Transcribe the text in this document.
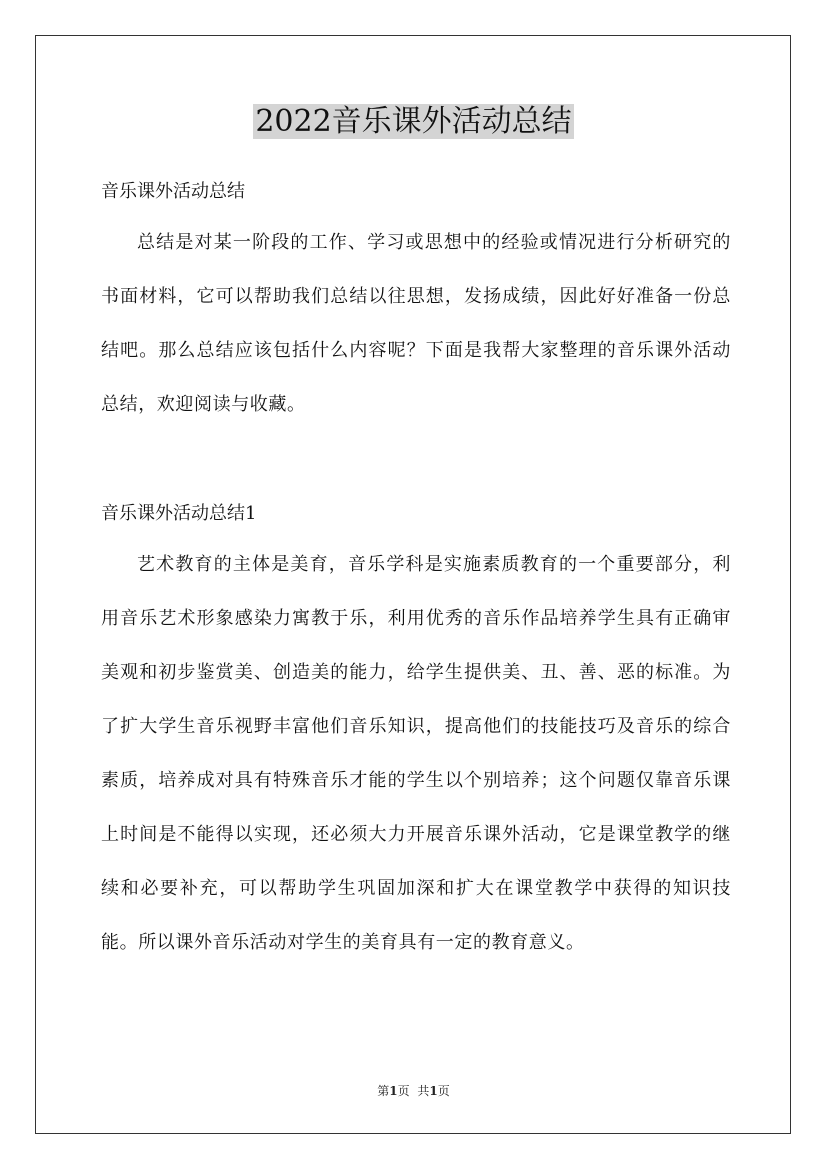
2022音乐课外活动总结
音乐课外活动总结

总结是对某一阶段的工作、学习或思想中的经验或情况进行分析研究的书面材料，它可以帮助我们总结以往思想，发扬成绩，因此好好准备一份总结吧。那么总结应该包括什么内容呢？下面是我帮大家整理的音乐课外活动总结，欢迎阅读与收藏。

音乐课外活动总结1

艺术教育的主体是美育，音乐学科是实施素质教育的一个重要部分，利用音乐艺术形象感染力寓教于乐，利用优秀的音乐作品培养学生具有正确审美观和初步鉴赏美、创造美的能力，给学生提供美、丑、善、恶的标准。为了扩大学生音乐视野丰富他们音乐知识，提高他们的技能技巧及音乐的综合素质，培养成对具有特殊音乐才能的学生以个别培养；这个问题仅靠音乐课上时间是不能得以实现，还必须大力开展音乐课外活动，它是课堂教学的继续和必要补充，可以帮助学生巩固加深和扩大在课堂教学中获得的知识技能。所以课外音乐活动对学生的美育具有一定的教育意义。

第1页 共1页
